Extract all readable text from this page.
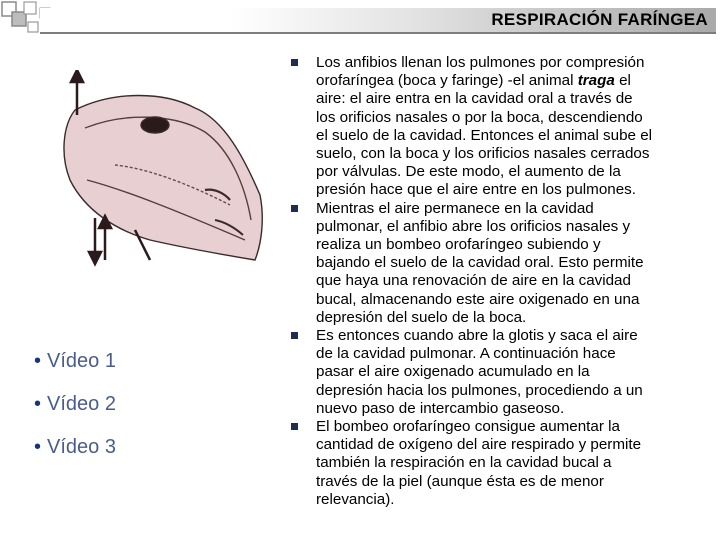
RESPIRACIÓN FARÍNGEA
• Vídeo 1
• Vídeo 2
• Vídeo 3
Los anfibios llenan los pulmones por compresión
orofaríngea (boca y faringe) -el animal traga el
aire: el aire entra en la cavidad oral a través de
los orificios nasales o por la boca, descendiendo
el suelo de la cavidad. Entonces el animal sube el
suelo, con la boca y los orificios nasales cerrados
por válvulas. De este modo, el aumento de la
presión hace que el aire entre en los pulmones.
Mientras el aire permanece en la cavidad
pulmonar, el anfibio abre los orificios nasales y
realiza un bombeo orofaríngeo subiendo y
bajando el suelo de la cavidad oral. Esto permite
que haya una renovación de aire en la cavidad
bucal, almacenando este aire oxigenado en una
depresión del suelo de la boca.
Es entonces cuando abre la glotis y saca el aire
de la cavidad pulmonar. A continuación hace
pasar el aire oxigenado acumulado en la
depresión hacia los pulmones, procediendo a un
nuevo paso de intercambio gaseoso.
El bombeo orofaríngeo consigue aumentar la
cantidad de oxígeno del aire respirado y permite
también la respiración en la cavidad bucal a
través de la piel (aunque ésta es de menor
relevancia).
